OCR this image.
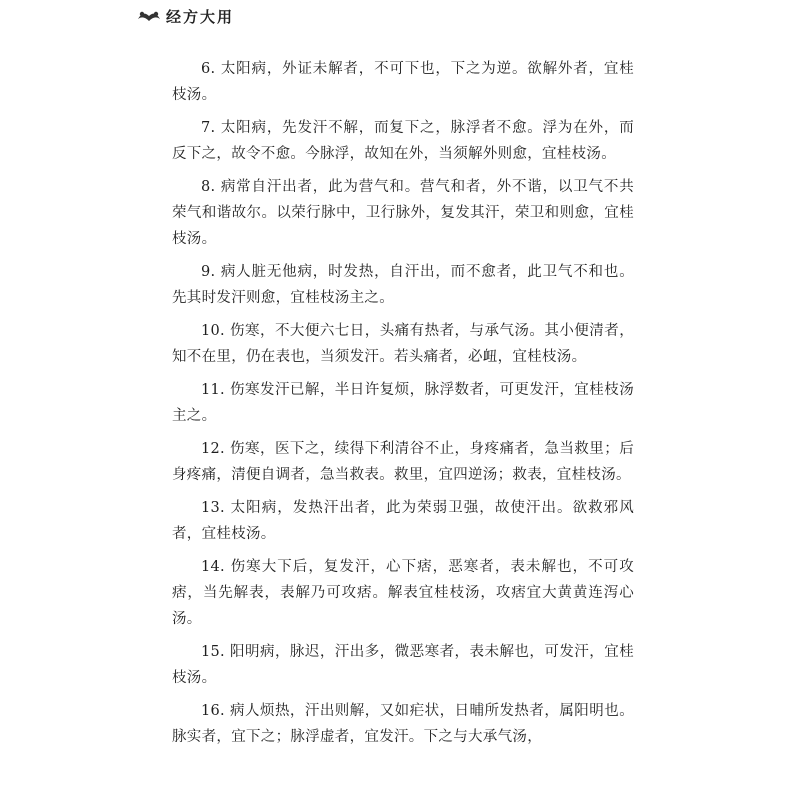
经方大用

6. 太阳病，外证未解者，不可下也，下之为逆。欲解外者，宜桂枝汤。

7. 太阳病，先发汗不解，而复下之，脉浮者不愈。浮为在外，而反下之，故令不愈。今脉浮，故知在外，当须解外则愈，宜桂枝汤。

8. 病常自汗出者，此为营气和。营气和者，外不谐，以卫气不共荣气和谐故尔。以荣行脉中，卫行脉外，复发其汗，荣卫和则愈，宜桂枝汤。

9. 病人脏无他病，时发热，自汗出，而不愈者，此卫气不和也。先其时发汗则愈，宜桂枝汤主之。

10. 伤寒，不大便六七日，头痛有热者，与承气汤。其小便清者，知不在里，仍在表也，当须发汗。若头痛者，必衄，宜桂枝汤。

11. 伤寒发汗已解，半日许复烦，脉浮数者，可更发汗，宜桂枝汤主之。

12. 伤寒，医下之，续得下利清谷不止，身疼痛者，急当救里；后身疼痛，清便自调者，急当救表。救里，宜四逆汤；救表，宜桂枝汤。

13. 太阳病，发热汗出者，此为荣弱卫强，故使汗出。欲救邪风者，宜桂枝汤。

14. 伤寒大下后，复发汗，心下痞，恶寒者，表未解也，不可攻痞，当先解表，表解乃可攻痞。解表宜桂枝汤，攻痞宜大黄黄连泻心汤。

15. 阳明病，脉迟，汗出多，微恶寒者，表未解也，可发汗，宜桂枝汤。

16. 病人烦热，汗出则解，又如疟状，日晡所发热者，属阳明也。脉实者，宜下之；脉浮虚者，宜发汗。下之与大承气汤，
